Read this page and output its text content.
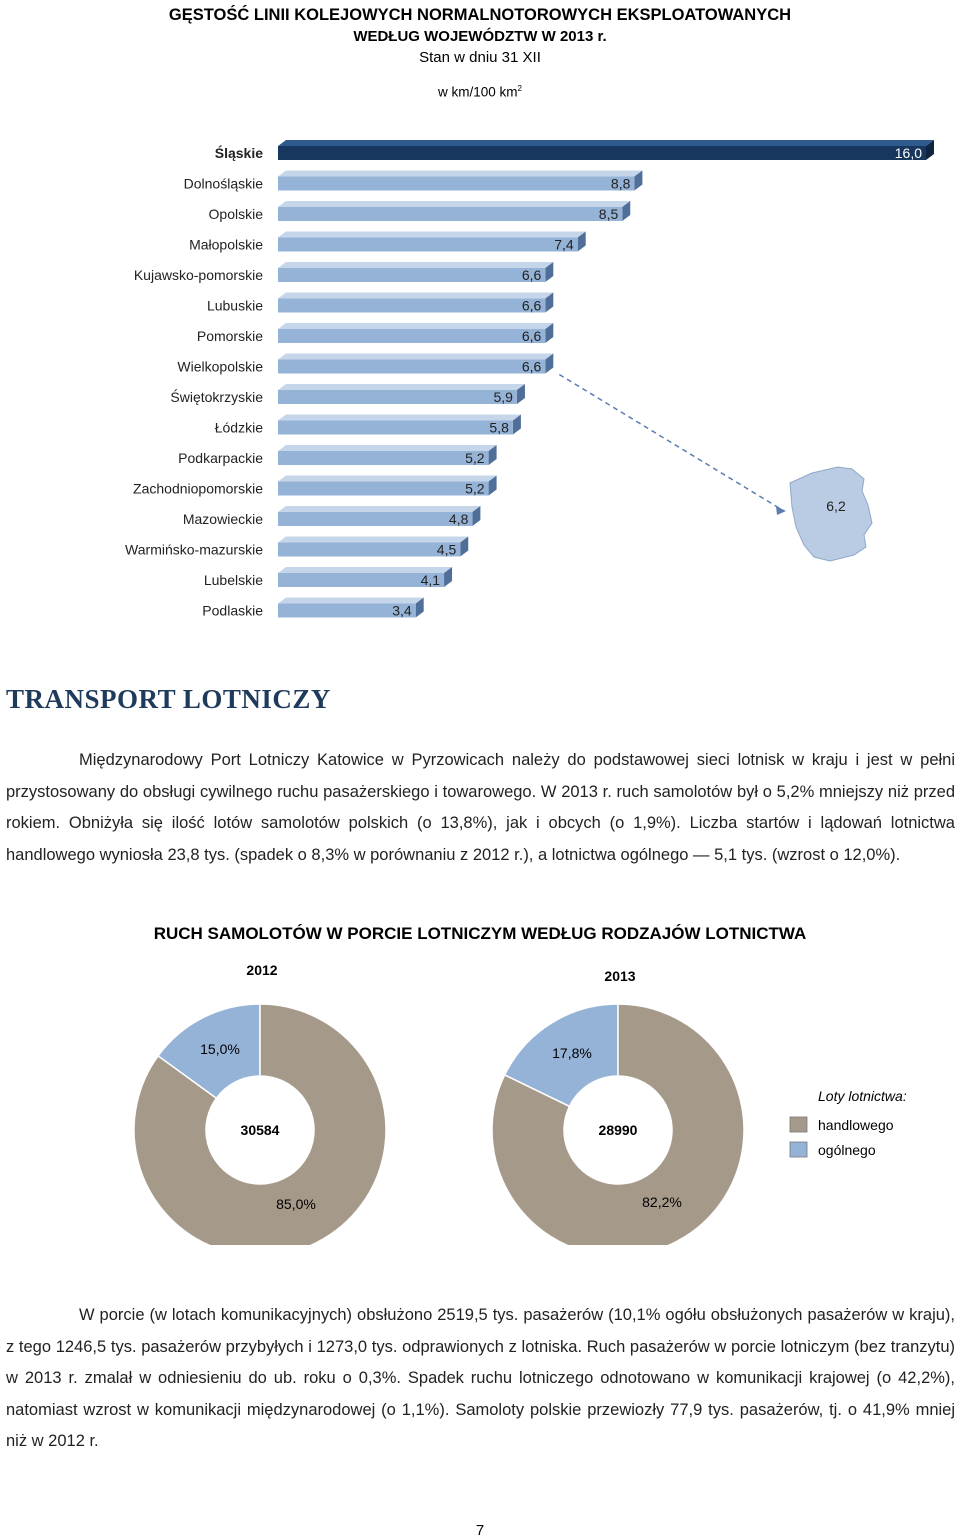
GĘSTOŚĆ LINII KOLEJOWYCH NORMALNOTOROWYCH EKSPLOATOWANYCH
WEDŁUG WOJEWÓDZTW W 2013 r.
Stan w dniu 31 XII
w km/100 $km^2$
Śląskie	16,0
Dolnośląskie	8,8
Opolskie	8,5
Małopolskie	7,4
Kujawsko-pomorskie	6,6
Lubuskie	6,6
Pomorskie	6,6
Wielkopolskie	6,6
Świętokrzyskie	5,9
Łódzkie	5,8
Podkarpackie	5,2
Zachodniopomorskie	5,2
Mazowieckie	4,8
Warmińsko-mazurskie	4,5
Lubelskie	4,1
Podlaskie	3,4
6,2
TRANSPORT LOTNICZY
Międzynarodowy Port Lotniczy Katowice w Pyrzowicach należy do podstawowej sieci lotnisk w kraju i jest w pełni przystosowany do obsługi cywilnego ruchu pasażerskiego i towarowego. W 2013 r. ruch samolotów był o 5,2% mniejszy niż przed rokiem. Obniżyła się ilość lotów samolotów polskich (o 13,8%), jak i obcych (o 1,9%). Liczba startów i lądowań lotnictwa handlowego wyniosła 23,8 tys. (spadek o 8,3% w porównaniu z 2012 r.), a lotnictwa ogólnego — 5,1 tys. (wzrost o 12,0%).
RUCH SAMOLOTÓW W PORCIE LOTNICZYM WEDŁUG RODZAJÓW LOTNICTWA
2012
30584
15,0%
85,0%
2013
28990
17,8%
82,2%
Loty lotnictwa:
handlowego
ogólnego
W porcie (w lotach komunikacyjnych) obsłużono 2519,5 tys. pasażerów (10,1% ogółu obsłużonych pasażerów w kraju), z tego 1246,5 tys. pasażerów przybyłych i 1273,0 tys. odprawionych z lotniska. Ruch pasażerów w porcie lotniczym (bez tranzytu) w 2013 r. zmalał w odniesieniu do ub. roku o 0,3%. Spadek ruchu lotniczego odnotowano w komunikacji krajowej (o 42,2%), natomiast wzrost w komunikacji międzynarodowej (o 1,1%). Samoloty polskie przewiozły 77,9 tys. pasażerów, tj. o 41,9% mniej niż w 2012 r.
7
